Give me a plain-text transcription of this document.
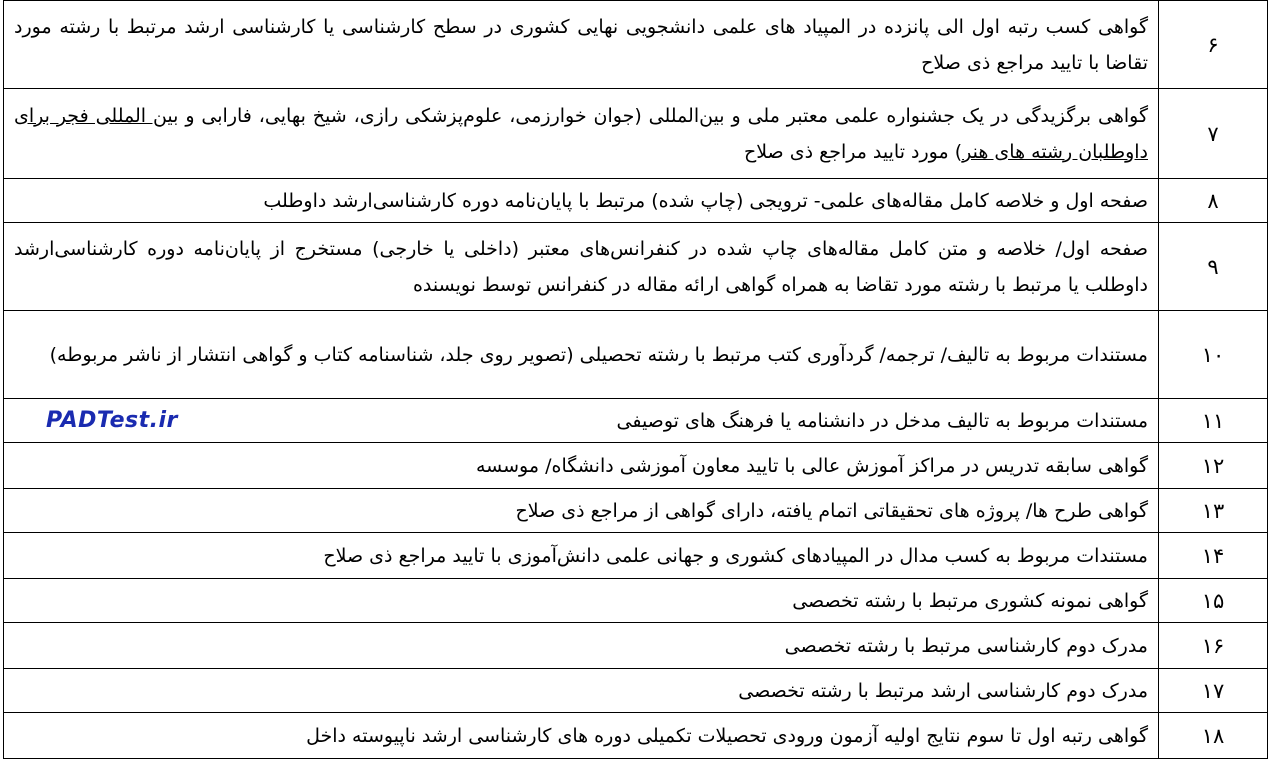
۶	گواهی کسب رتبه اول الی پانزده در المپیاد های علمی دانشجویی نهایی کشوری در سطح کارشناسی یا کارشناسی ارشد مرتبط با رشته مورد تقاضا با تایید مراجع ذی صلاح
۷	گواهی برگزیدگی در یک جشنواره علمی معتبر ملی و بین‌المللی (جوان خوارزمی، علوم‌پزشکی رازی، شیخ بهایی، فارابی و بین المللی فجر برای داوطلبان رشته های هنر) مورد تایید مراجع ذی صلاح
۸	صفحه اول و خلاصه کامل مقاله‌های علمی- ترویجی (چاپ شده) مرتبط با پایان‌نامه دوره کارشناسی‌ارشد داوطلب
۹	صفحه اول/ خلاصه و متن کامل مقاله‌های چاپ شده در کنفرانس‌های معتبر (داخلی یا خارجی) مستخرج از پایان‌نامه دوره کارشناسی‌ارشد داوطلب یا مرتبط با رشته مورد تقاضا به همراه گواهی ارائه مقاله در کنفرانس توسط نویسنده
۱۰	مستندات مربوط به تالیف/ ترجمه/ گردآوری کتب مرتبط با رشته تحصیلی (تصویر روی جلد، شناسنامه کتاب و گواهی انتشار از ناشر مربوطه)
۱۱	مستندات مربوط به تالیف مدخل در دانشنامه یا فرهنگ های توصیفی
PADTest.ir

۱۲	گواهی سابقه تدریس در مراکز آموزش عالی با تایید معاون آموزشی دانشگاه/ موسسه
۱۳	گواهی طرح ها/ پروژه های تحقیقاتی اتمام یافته، دارای گواهی از مراجع ذی صلاح
۱۴	مستندات مربوط به کسب مدال در المپیادهای کشوری و جهانی علمی دانش‌آموزی با تایید مراجع ذی صلاح
۱۵	گواهی نمونه کشوری مرتبط با رشته تخصصی
۱۶	مدرک دوم کارشناسی مرتبط با رشته تخصصی
۱۷	مدرک دوم کارشناسی ارشد مرتبط با رشته تخصصی
۱۸	گواهی رتبه اول تا سوم نتایج اولیه آزمون ورودی تحصیلات تکمیلی دوره های کارشناسی ارشد ناپیوسته داخل
